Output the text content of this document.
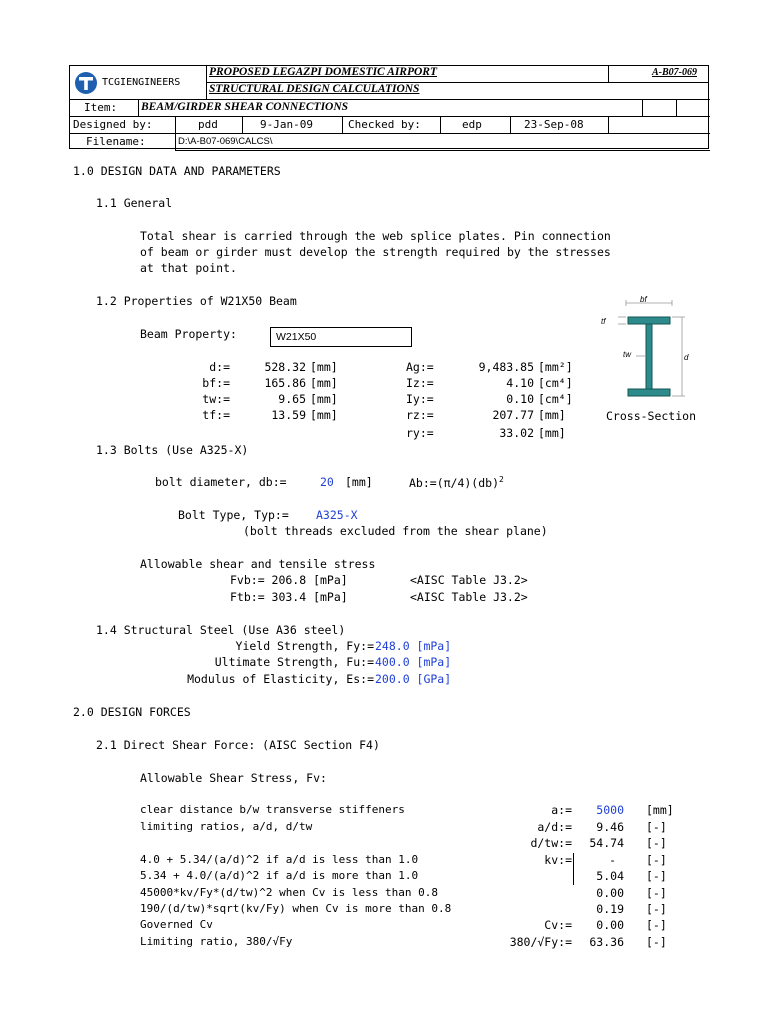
TCGIENGINEERS
PROPOSED LEGAZPI DOMESTIC AIRPORT	A-B07-069
STRUCTURAL DESIGN CALCULATIONS
Item: BEAM/GIRDER SHEAR CONNECTIONS
Designed by:	pdd	9-Jan-09	Checked by:	edp	23-Sep-08
Filename:	D:\A-B07-069\CALCS\
1.0 DESIGN DATA AND PARAMETERS
1.1 General
Total shear is carried through the web splice plates. Pin connection
of beam or girder must develop the strength required by the stresses
at that point.
1.2 Properties of W21X50 Beam
Beam Property:	W21X50
d:=	528.32 [mm]
bf:=	165.86 [mm]
tw:=	9.65 [mm]
tf:=	13.59 [mm]
Ag:=	9,483.85 [mm²]
Iz:=	4.10 [cm⁴]
Iy:=	0.10 [cm⁴]
rz:=	207.77 [mm]
ry:=	33.02 [mm]
bf
tf
tw	d
Cross-Section
1.3 Bolts (Use A325-X)
bolt diameter, db:=	20 [mm]	Ab:=(π/4)(db)$^2$
Bolt Type, Typ:= A325-X
(bolt threads excluded from the shear plane)
Allowable shear and tensile stress
Fvb:= 206.8 [mPa]	<AISC Table J3.2>
Ftb:= 303.4 [mPa]	<AISC Table J3.2>
1.4 Structural Steel (Use A36 steel)
Yield Strength, Fy:= 248.0 [mPa]
Ultimate Strength, Fu:= 400.0 [mPa]
Modulus of Elasticity, Es:= 200.0 [GPa]
2.0 DESIGN FORCES
2.1 Direct Shear Force: (AISC Section F4)
Allowable Shear Stress, Fv:
clear distance b/w transverse stiffeners	a:=	5000 [mm]
limiting ratios, a/d, d/tw	a/d:=	9.46 [-]
d/tw:=	54.74 [-]
4.0 + 5.34/(a/d)^2 if a/d is less than 1.0	kv:=	-	[-]
5.34 + 4.0/(a/d)^2 if a/d is more than 1.0	5.04 [-]
45000*kv/Fy*(d/tw)^2 when Cv is less than 0.8	0.00 [-]
190/(d/tw)*sqrt(kv/Fy) when Cv is more than 0.8	0.19 [-]
Governed Cv	Cv:=	0.00 [-]
Limiting ratio, 380/√Fy	380/√Fy:=	63.36 [-]
